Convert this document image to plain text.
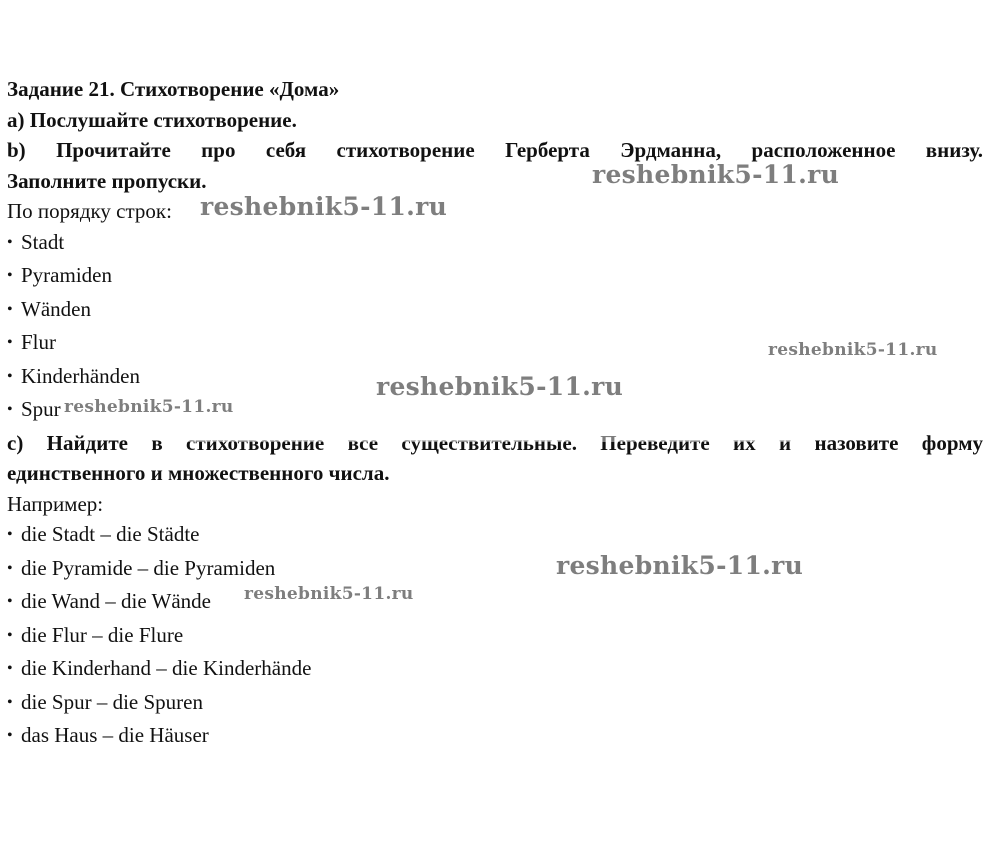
Задание 21. Стихотворение «Дома»
а) Послушайте стихотворение.
b) Прочитайте про себя стихотворение Герберта Эрдманна, расположенное внизу.
Заполните пропуски.
По порядку строк:
• Stadt
• Pyramiden
• Wänden
• Flur
• Kinderhänden
• Spur
c) Найдите в стихотворение все существительные. Переведите их и назовите форму
единственного и множественного числа.
Например:
• die Stadt – die Städte
• die Pyramide – die Pyramiden
• die Wand – die Wände
• die Flur – die Flure
• die Kinderhand – die Kinderhände
• die Spur – die Spuren
• das Haus – die Häuser
reshebnik5-11.ru
reshebnik5-11.ru
reshebnik5-11.ru
reshebnik5-11.ru
reshebnik5-11.ru
reshebnik5-11.ru
reshebnik5-11.ru
